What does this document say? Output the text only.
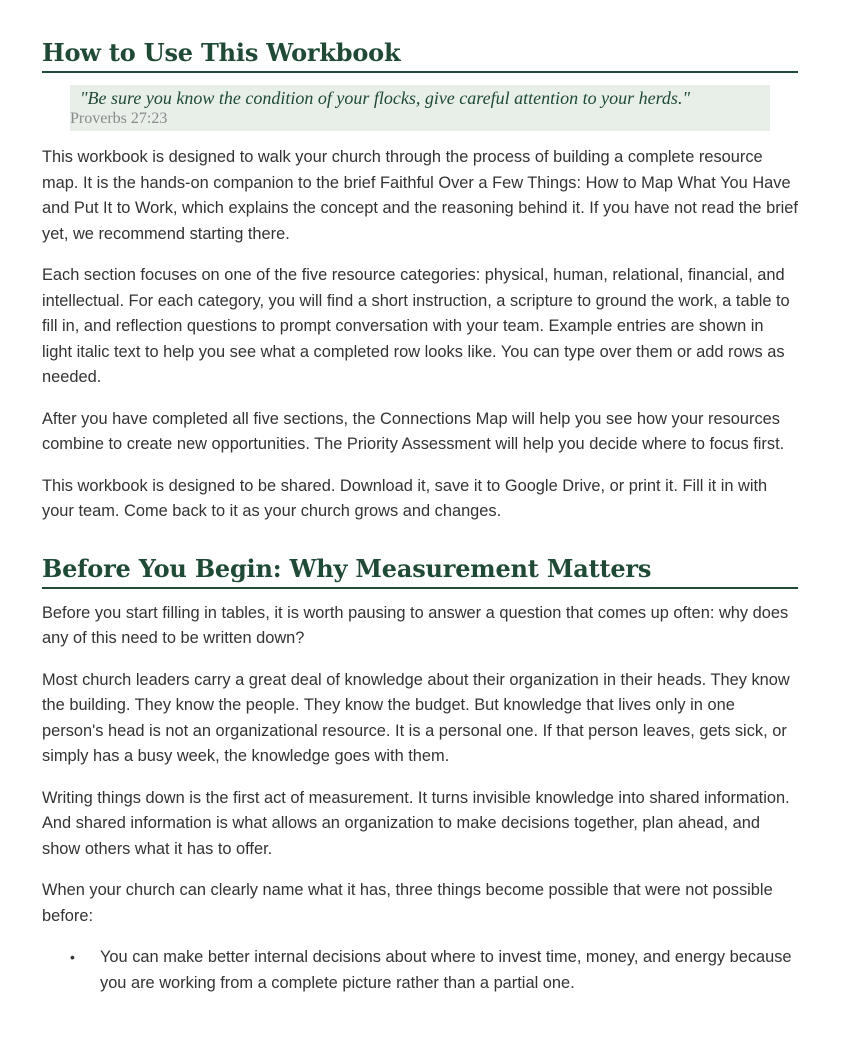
How to Use This Workbook
"Be sure you know the condition of your flocks, give careful attention to your herds."
Proverbs 27:23

This workbook is designed to walk your church through the process of building a complete resource map. It is the hands-on companion to the brief Faithful Over a Few Things: How to Map What You Have and Put It to Work, which explains the concept and the reasoning behind it. If you have not read the brief yet, we recommend starting there.

Each section focuses on one of the five resource categories: physical, human, relational, financial, and intellectual. For each category, you will find a short instruction, a scripture to ground the work, a table to fill in, and reflection questions to prompt conversation with your team. Example entries are shown in light italic text to help you see what a completed row looks like. You can type over them or add rows as needed.

After you have completed all five sections, the Connections Map will help you see how your resources combine to create new opportunities. The Priority Assessment will help you decide where to focus first.

This workbook is designed to be shared. Download it, save it to Google Drive, or print it. Fill it in with your team. Come back to it as your church grows and changes.

Before You Begin: Why Measurement Matters

Before you start filling in tables, it is worth pausing to answer a question that comes up often: why does any of this need to be written down?

Most church leaders carry a great deal of knowledge about their organization in their heads. They know the building. They know the people. They know the budget. But knowledge that lives only in one person's head is not an organizational resource. It is a personal one. If that person leaves, gets sick, or simply has a busy week, the knowledge goes with them.

Writing things down is the first act of measurement. It turns invisible knowledge into shared information. And shared information is what allows an organization to make decisions together, plan ahead, and show others what it has to offer.

When your church can clearly name what it has, three things become possible that were not possible before:

• You can make better internal decisions about where to invest time, money, and energy because you are working from a complete picture rather than a partial one.
